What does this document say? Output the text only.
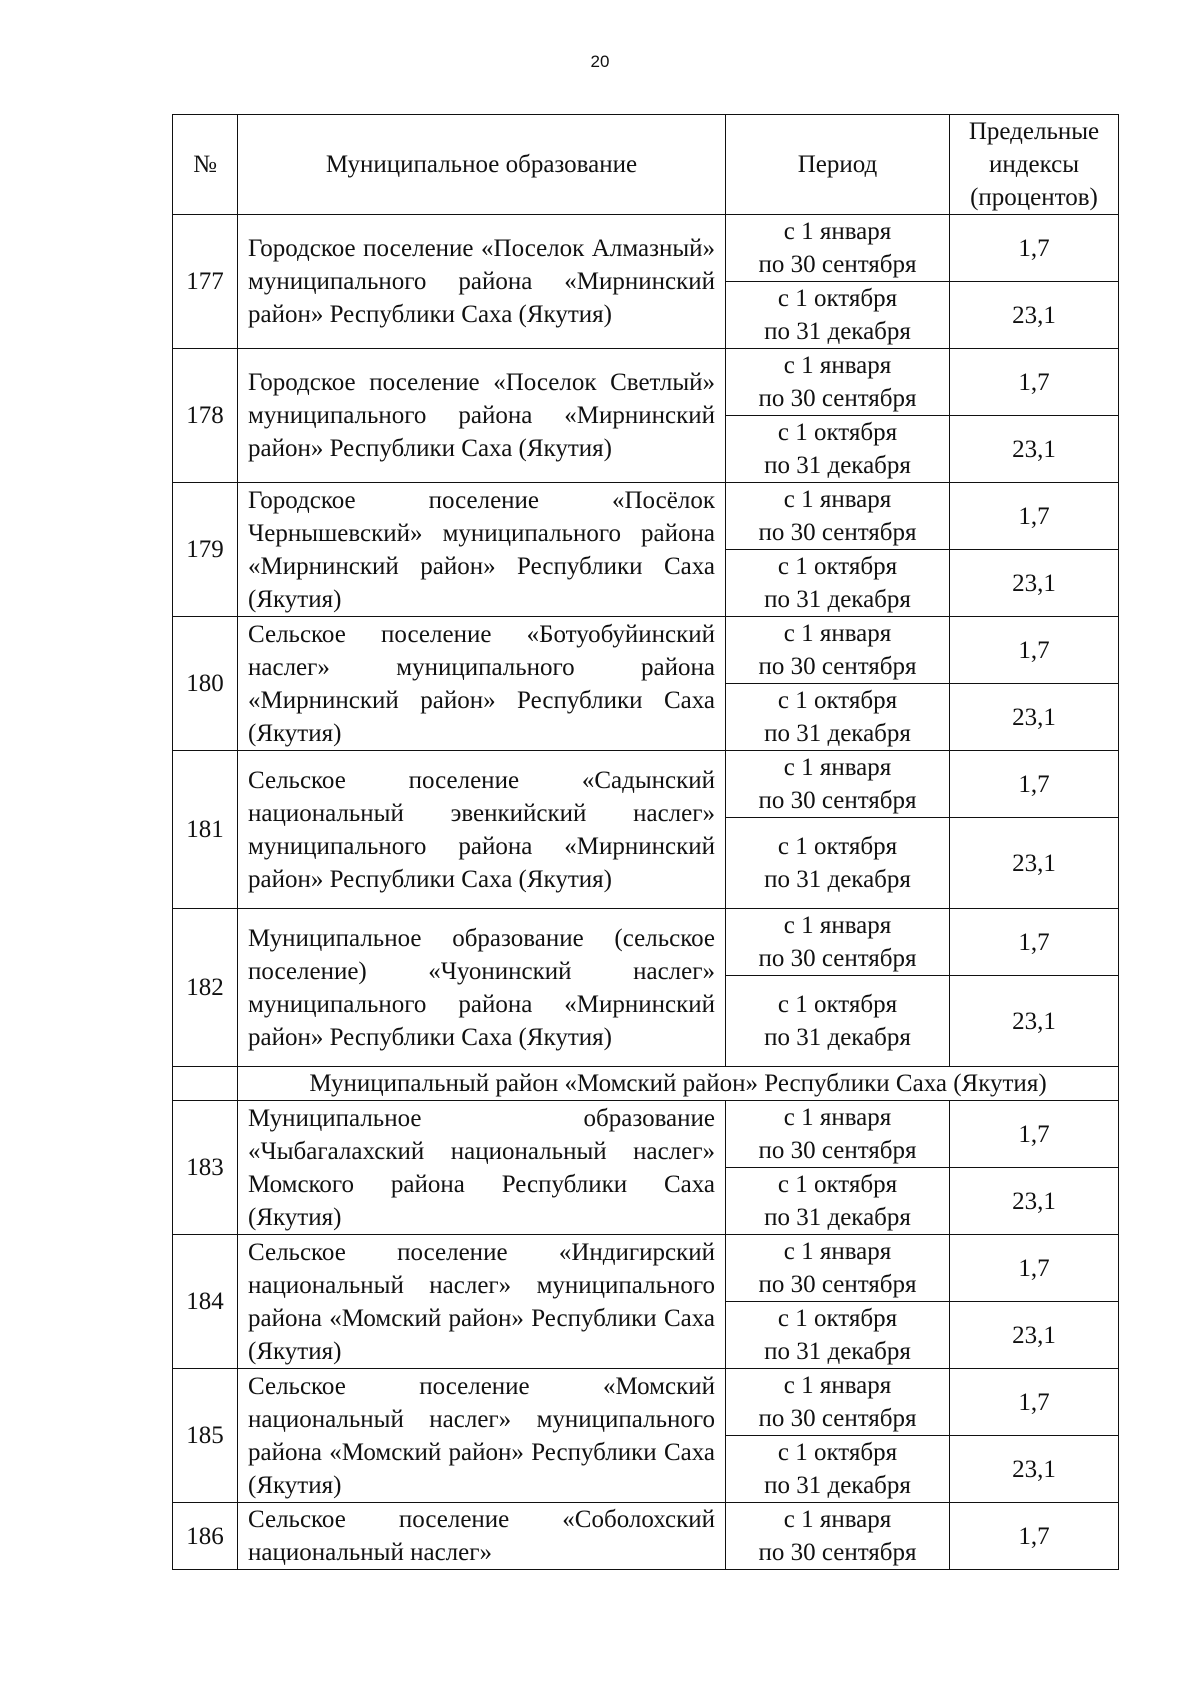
20
№	Муниципальное образование	Период	Предельные
индексы
(процентов)

177	Городское поселение «Поселок Алмазный» муниципального района «Мирнинский район» Республики Саха (Якутия)	с 1 января
по 30 сентября	1,7

		с 1 октября
по 31 декабря	23,1
178	Городское поселение «Поселок Светлый» муниципального района «Мирнинский район» Республики Саха (Якутия)	с 1 января
по 30 сентября	1,7

		с 1 октября
по 31 декабря	23,1
179	Городское поселение «Посёлок Чернышевский» муниципального района «Мирнинский район» Республики Саха (Якутия)	с 1 января
по 30 сентября	1,7

		с 1 октября
по 31 декабря	23,1
180	Сельское поселение «Ботуобуйинский наслег» муниципального района «Мирнинский район» Республики Саха (Якутия)	с 1 января
по 30 сентября	1,7

		с 1 октября
по 31 декабря	23,1
181	Сельское поселение «Садынский национальный эвенкийский наслег» муниципального района «Мирнинский район» Республики Саха (Якутия)	с 1 января
по 30 сентября	1,7

		с 1 октября
по 31 декабря	23,1
182	Муниципальное образование (сельское поселение) «Чуонинский наслег» муниципального района «Мирнинский район» Республики Саха (Якутия)	с 1 января
по 30 сентября	1,7

		с 1 октября
по 31 декабря	23,1
	Муниципальный район «Момский район» Республики Саха (Якутия)		
183	Муниципальное образование «Чыбагалахский национальный наслег» Момского района Республики Саха (Якутия)	с 1 января
по 30 сентября	1,7

		с 1 октября
по 31 декабря	23,1
184	Сельское поселение «Индигирский национальный наслег» муниципального района «Момский район» Республики Саха (Якутия)	с 1 января
по 30 сентября	1,7

		с 1 октября
по 31 декабря	23,1
185	Сельское поселение «Момский национальный наслег» муниципального района «Момский район» Республики Саха (Якутия)	с 1 января
по 30 сентября	1,7

		с 1 октября
по 31 декабря	23,1
186	Сельское поселение «Соболохский национальный наслег»	с 1 января
по 30 сентября	1,7
